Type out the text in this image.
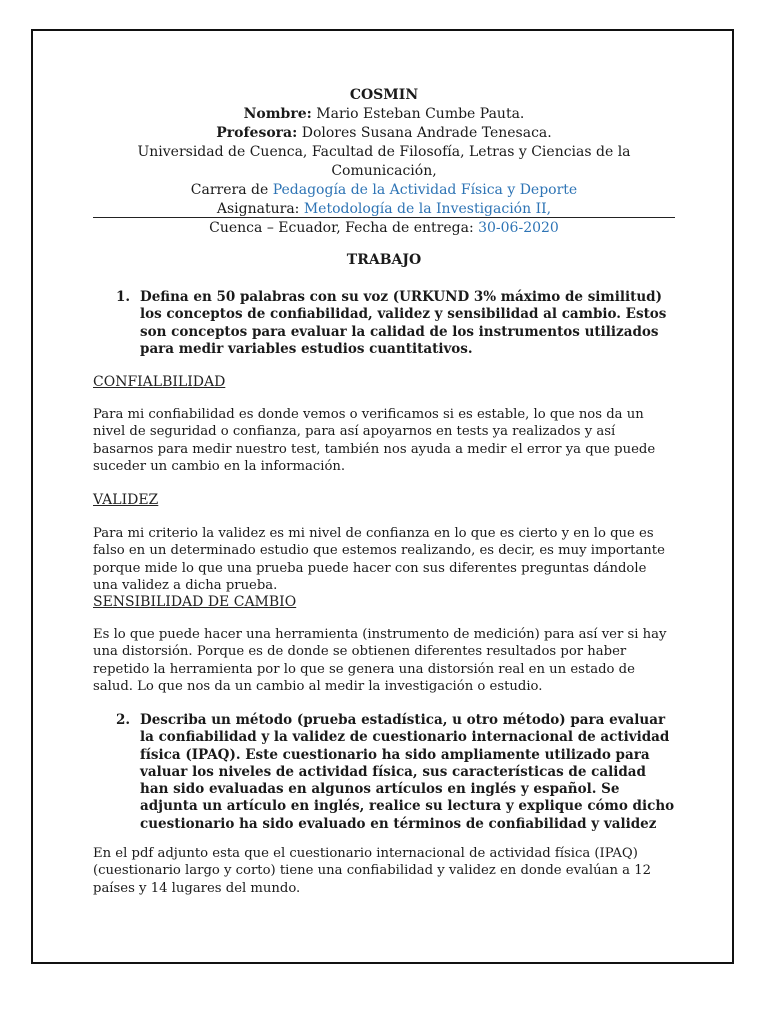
COSMIN

Nombre: Mario Esteban Cumbe Pauta.

Profesora: Dolores Susana Andrade Tenesaca.

Universidad de Cuenca, Facultad de Filosofía, Letras y Ciencias de la Comunicación,

Carrera de Pedagogía de la Actividad Física y Deporte

Asignatura: Metodología de la Investigación II,

Cuenca – Ecuador, Fecha de entrega: 30-06-2020

TRABAJO
1. Defina en 50 palabras con su voz (URKUND 3% máximo de similitud) los conceptos de confiabilidad, validez y sensibilidad al cambio. Estos son conceptos para evaluar la calidad de los instrumentos utilizados para medir variables estudios cuantitativos.
CONFIALBILIDAD

Para mi confiabilidad es donde vemos o verificamos si es estable, lo que nos da un nivel de seguridad o confianza, para así apoyarnos en tests ya realizados y así basarnos para medir nuestro test, también nos ayuda a medir el error ya que puede suceder un cambio en la información.

VALIDEZ

Para mi criterio la validez es mi nivel de confianza en lo que es cierto y en lo que es falso en un determinado estudio que estemos realizando, es decir, es muy importante porque mide lo que una prueba puede hacer con sus diferentes preguntas dándole una validez a dicha prueba.

SENSIBILIDAD DE CAMBIO

Es lo que puede hacer una herramienta (instrumento de medición) para así ver si hay una distorsión. Porque es de donde se obtienen diferentes resultados por haber repetido la herramienta por lo que se genera una distorsión real en un estado de salud. Lo que nos da un cambio al medir la investigación o estudio.

2. Describa un método (prueba estadística, u otro método) para evaluar la confiabilidad y la validez de cuestionario internacional de actividad física (IPAQ). Este cuestionario ha sido ampliamente utilizado para valuar los niveles de actividad física, sus características de calidad han sido evaluadas en algunos artículos en inglés y español. Se adjunta un artículo en inglés, realice su lectura y explique cómo dicho cuestionario ha sido evaluado en términos de confiabilidad y validez

En el pdf adjunto esta que el cuestionario internacional de actividad física (IPAQ) (cuestionario largo y corto) tiene una confiabilidad y validez en donde evalúan a 12 países y 14 lugares del mundo.
